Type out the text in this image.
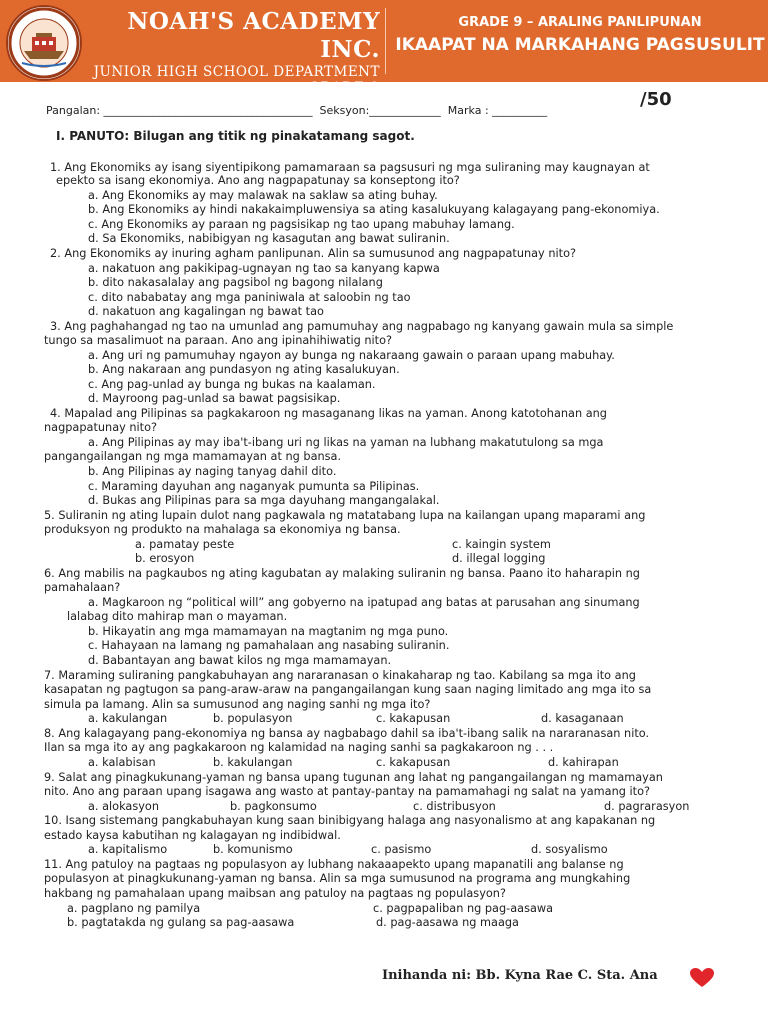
NOAH'S ACADEMY INC.
JUNIOR HIGH SCHOOL DEPARTMENT
GRADE 9
GRADE 9 – ARALING PANLIPUNAN
IKAAPAT NA MARKAHANG PAGSUSULIT
/50
Pangalan: ______________________________________  Seksyon:_____________  Marka : __________
I. PANUTO: Bilugan ang titik ng pinakatamang sagot.
1. Ang Ekonomiks ay isang siyentipikong pamamaraan sa pagsusuri ng mga suliraning may kaugnayan at
epekto sa isang ekonomiya. Ano ang nagpapatunay sa konseptong ito?
a. Ang Ekonomiks ay may malawak na saklaw sa ating buhay.
b. Ang Ekonomiks ay hindi nakakaimpluwensiya sa ating kasalukuyang kalagayang pang-ekonomiya.
c. Ang Ekonomiks ay paraan ng pagsisikap ng tao upang mabuhay lamang.
d. Sa Ekonomiks, nabibigyan ng kasagutan ang bawat suliranin.
2. Ang Ekonomiks ay inuring agham panlipunan. Alin sa sumusunod ang nagpapatunay nito?
a. nakatuon ang pakikipag-ugnayan ng tao sa kanyang kapwa
b. dito nakasalalay ang pagsibol ng bagong nilalang
c. dito nababatay ang mga paniniwala at saloobin ng tao
d. nakatuon ang kagalingan ng bawat tao
3. Ang paghahangad ng tao na umunlad ang pamumuhay ang nagpabago ng kanyang gawain mula sa simple
tungo sa masalimuot na paraan. Ano ang ipinahihiwatig nito?
a. Ang uri ng pamumuhay ngayon ay bunga ng nakaraang gawain o paraan upang mabuhay.
b. Ang nakaraan ang pundasyon ng ating kasalukuyan.
c. Ang pag-unlad ay bunga ng bukas na kaalaman.
d. Mayroong pag-unlad sa bawat pagsisikap.
4. Mapalad ang Pilipinas sa pagkakaroon ng masaganang likas na yaman. Anong katotohanan ang
nagpapatunay nito?
a. Ang Pilipinas ay may iba't-ibang uri ng likas na yaman na lubhang makatutulong sa mga
pangangailangan ng mga mamamayan at ng bansa.
b. Ang Pilipinas ay naging tanyag dahil dito.
c. Maraming dayuhan ang naganyak pumunta sa Pilipinas.
d. Bukas ang Pilipinas para sa mga dayuhang mangangalakal.
5. Suliranin ng ating lupain dulot nang pagkawala ng matatabang lupa na kailangan upang maparami ang
produksyon ng produkto na mahalaga sa ekonomiya ng bansa.
a. pamatay peste	c. kaingin system
b. erosyon	d. illegal logging
6. Ang mabilis na pagkaubos ng ating kagubatan ay malaking suliranin ng bansa. Paano ito haharapin ng
pamahalaan?
a. Magkaroon ng “political will” ang gobyerno na ipatupad ang batas at parusahan ang sinumang
lalabag dito mahirap man o mayaman.
b. Hikayatin ang mga mamamayan na magtanim ng mga puno.
c. Hahayaan na lamang ng pamahalaan ang nasabing suliranin.
d. Babantayan ang bawat kilos ng mga mamamayan.
7. Maraming suliraning pangkabuhayan ang nararanasan o kinakaharap ng tao. Kabilang sa mga ito ang
kasapatan ng pagtugon sa pang-araw-araw na pangangailangan kung saan naging limitado ang mga ito sa
simula pa lamang. Alin sa sumusunod ang naging sanhi ng mga ito?
a. kakulangan	b. populasyon	c. kakapusan	d. kasaganaan
8. Ang kalagayang pang-ekonomiya ng bansa ay nagbabago dahil sa iba't-ibang salik na nararanasan nito.
Ilan sa mga ito ay ang pagkakaroon ng kalamidad na naging sanhi sa pagkakaroon ng . . .
a. kalabisan	b. kakulangan	c. kakapusan	d. kahirapan
9. Salat ang pinagkukunang-yaman ng bansa upang tugunan ang lahat ng pangangailangan ng mamamayan
nito. Ano ang paraan upang isagawa ang wasto at pantay-pantay na pamamahagi ng salat na yamang ito?
a. alokasyon	b. pagkonsumo	c. distribusyon	d. pagrarasyon
10. Isang sistemang pangkabuhayan kung saan binibigyang halaga ang nasyonalismo at ang kapakanan ng
estado kaysa kabutihan ng kalagayan ng indibidwal.
a. kapitalismo	b. komunismo	c. pasismo	d. sosyalismo
11. Ang patuloy na pagtaas ng populasyon ay lubhang nakaaapekto upang mapanatili ang balanse ng
populasyon at pinagkukunang-yaman ng bansa. Alin sa mga sumusunod na programa ang mungkahing
hakbang ng pamahalaan upang maibsan ang patuloy na pagtaas ng populasyon?
a. pagplano ng pamilya	c. pagpapaliban ng pag-aasawa
b. pagtatakda ng gulang sa pag-aasawa	d. pag-aasawa ng maaga
Inihanda ni: Bb. Kyna Rae C. Sta. Ana
